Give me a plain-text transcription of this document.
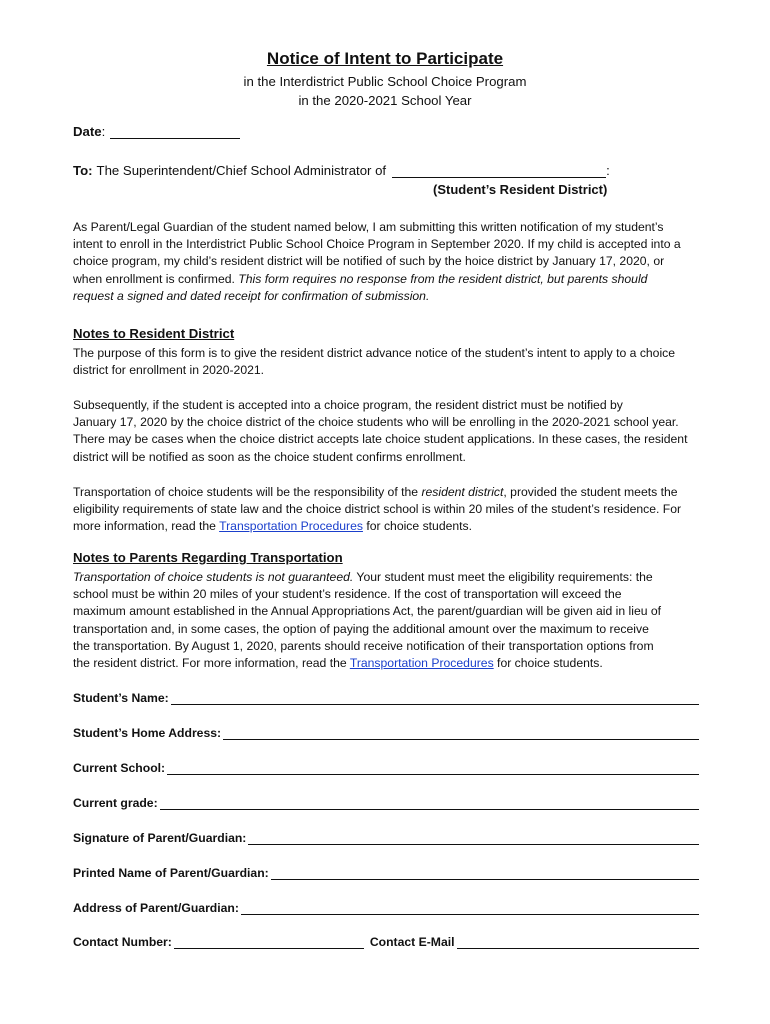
Notice of Intent to Participate
in the Interdistrict Public School Choice Program
in the 2020-2021 School Year
Date :
To: The Superintendent/Chief School Administrator of	:
(Student’s Resident District)
As Parent/Legal Guardian of the student named below, I am submitting this written notification of my student’s
intent to enroll in the Interdistrict Public School Choice Program in September 2020. If my child is accepted into a
choice program, my child’s resident district will be notified of such by the hoice district by January 17, 2020, or
when enrollment is confirmed. This form requires no response from the resident district, but parents should
request a signed and dated receipt for confirmation of submission.
Notes to Resident District
The purpose of this form is to give the resident district advance notice of the student’s intent to apply to a choice
district for enrollment in 2020-2021.
Subsequently, if the student is accepted into a choice program, the resident district must be notified by
January 17, 2020 by the choice district of the choice students who will be enrolling in the 2020-2021 school year.
There may be cases when the choice district accepts late choice student applications. In these cases, the resident
district will be notified as soon as the choice student confirms enrollment.
Transportation of choice students will be the responsibility of the resident district, provided the student meets the
eligibility requirements of state law and the choice district school is within 20 miles of the student’s residence. For
more information, read the Transportation Procedures for choice students.
Notes to Parents Regarding Transportation
Transportation of choice students is not guaranteed. Your student must meet the eligibility requirements: the
school must be within 20 miles of your student’s residence. If the cost of transportation will exceed the
maximum amount established in the Annual Appropriations Act, the parent/guardian will be given aid in lieu of
transportation and, in some cases, the option of paying the additional amount over the maximum to receive
the transportation. By August 1, 2020, parents should receive notification of their transportation options from
the resident district. For more information, read the Transportation Procedures for choice students.
Student’s Name:
Student’s Home Address:
Current School:
Current grade:
Signature of Parent/Guardian:
Printed Name of Parent/Guardian:
Address of Parent/Guardian:
Contact Number:	Contact E-Mail
